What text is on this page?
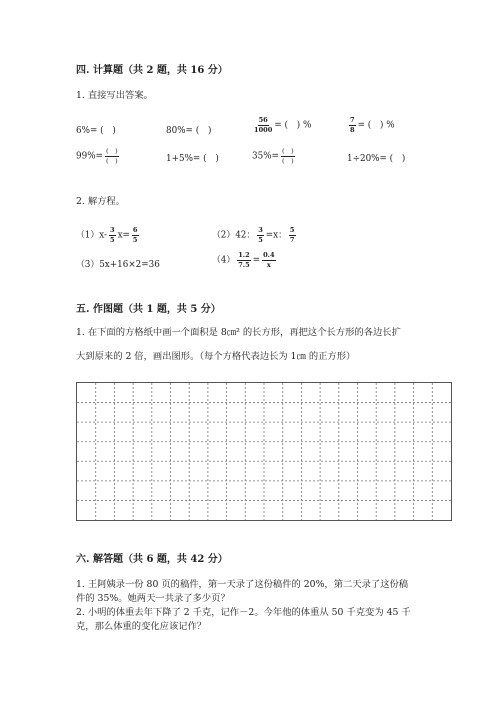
四. 计算题（共 2 题，共 16 分）
1. 直接写出答案。
6%= (　)	80%= (　)	$\frac{56}{1000}$ = (　) %	$\frac{7}{8}$ = (　) %
$99\%= \frac{( )}{( )}$	1+5%= (　)	$35\%= \frac{( )}{( )}$	1÷20%= (　)
2. 解方程。
$(1)x- \frac{3}{5} x= \frac{6}{5}$	（2）42： $\frac{3}{5} =x$： $\frac{5}{7}$
（3）5x+16×2=36	$(4) \frac{1.2}{7.5} = \frac{0.4}{x}$
五. 作图题（共 1 题，共 5 分）
1. 在下面的方格纸中画一个面积是 8㎝² 的长方形，再把这个长方形的各边长扩
大到原来的 2 倍，画出图形。（每个方格代表边长为 1㎝ 的正方形）
六. 解答题（共 6 题，共 42 分）
1. 王阿姨录一份 80 页的稿件，第一天录了这份稿件的 20%，第二天录了这份稿
件的 35%。她两天一共录了多少页？
2. 小明的体重去年下降了 2 千克，记作－2。今年他的体重从 50 千克变为 45 千
克，那么体重的变化应该记作？
